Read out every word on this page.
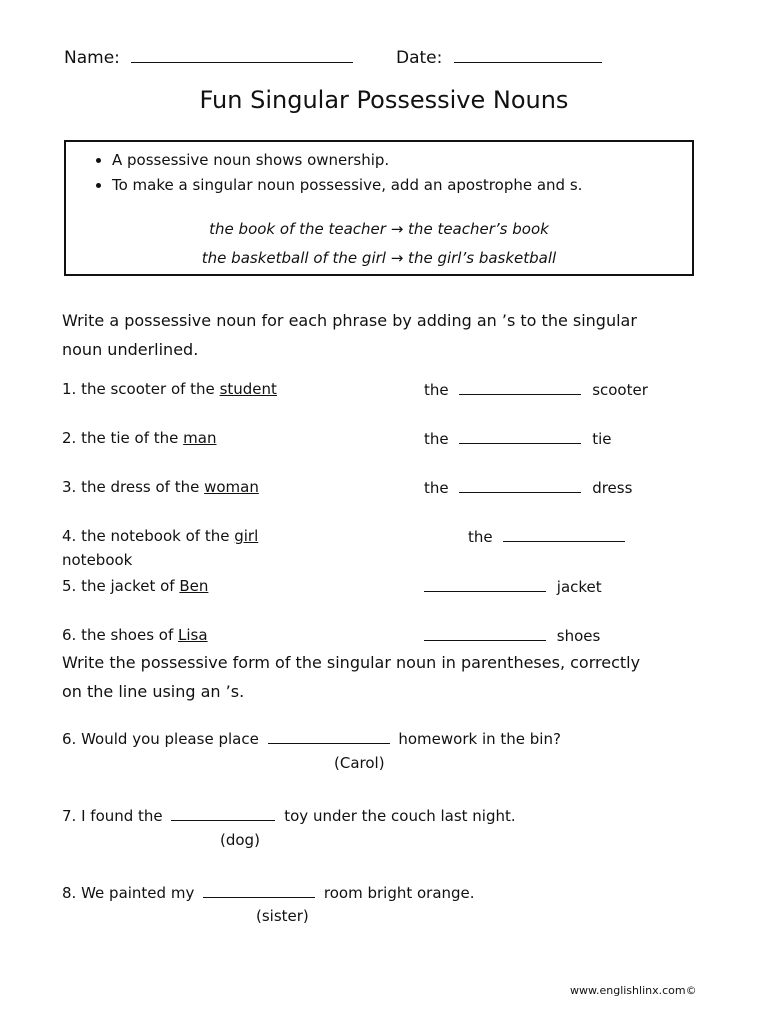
Name:	Date:
Fun Singular Possessive Nouns
• A possessive noun shows ownership.
• To make a singular noun possessive, add an apostrophe and s.
the book of the teacher → the teacher’s book
the basketball of the girl → the girl’s basketball
Write a possessive noun for each phrase by adding an ’s to the singular
noun underlined.
1. the scooter of the student	the	scooter
2. the tie of the man	the	tie
3. the dress of the woman	the	dress
4. the notebook of the girl	the
notebook
5. the jacket of Ben	jacket
6. the shoes of Lisa	shoes
Write the possessive form of the singular noun in parentheses, correctly
on the line using an ’s.
6. Would you please place	homework in the bin?
(Carol)
7. I found the	toy under the couch last night.
(dog)
8. We painted my	room bright orange.
(sister)
www.englishlinx.com©
